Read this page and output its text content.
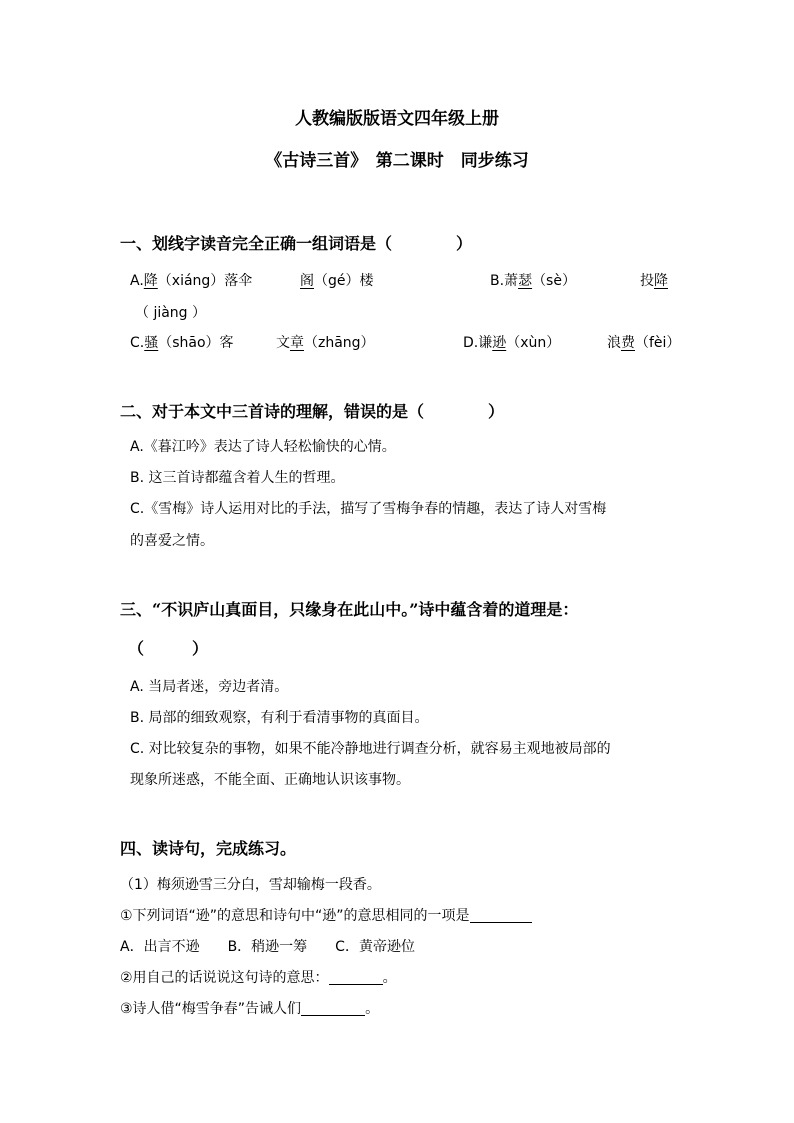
人教编版版语文四年级上册
《古诗三首》　第二课时　同步练习
一、划线字读音完全正确一组词语是（　　　　）
A.降（xiáng）落伞	阁（gé）楼	B.萧瑟（sè）	投降
（ jiàng ）
C.骚（shāo）客	文章（zhāng）	D.谦逊（xùn）	浪费（fèi）
二、对于本文中三首诗的理解，错误的是（　　　　）
A.《暮江吟》表达了诗人轻松愉快的心情。
B. 这三首诗都蕴含着人生的哲理。
C.《雪梅》诗人运用对比的手法，描写了雪梅争春的情趣，表达了诗人对雪梅
的喜爱之情。
三、“不识庐山真面目，只缘身在此山中。”诗中蕴含着的道理是：
（　　　）
A. 当局者迷，旁边者清。
B. 局部的细致观察，有利于看清事物的真面目。
C. 对比较复杂的事物，如果不能冷静地进行调查分析，就容易主观地被局部的
现象所迷惑，不能全面、正确地认识该事物。
四、读诗句，完成练习。
（1）梅须逊雪三分白，雪却输梅一段香。
①下列词语“逊”的意思和诗句中“逊”的意思相同的一项是
A．出言不逊　　B．稍逊一筹　　C．黄帝逊位
②用自己的话说说这句诗的意思：	。
③诗人借“梅雪争春”告诫人们	。
